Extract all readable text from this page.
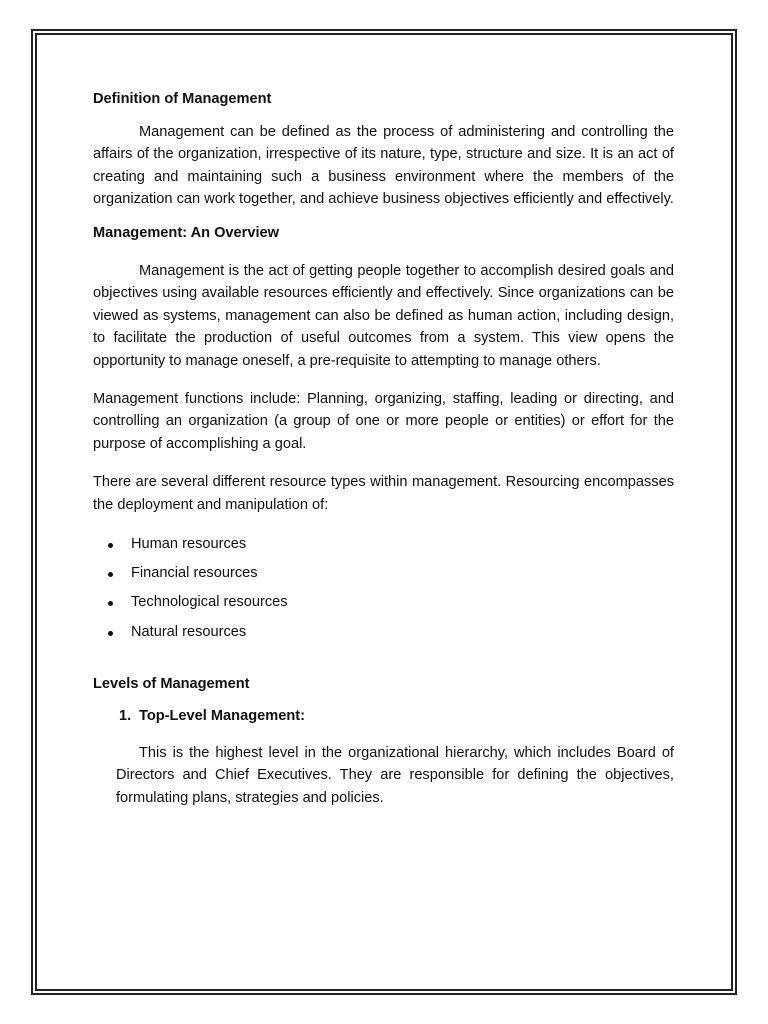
Definition of Management

Management can be defined as the process of administering and controlling the affairs of the organization, irrespective of its nature, type, structure and size. It is an act of creating and maintaining such a business environment where the members of the organization can work together, and achieve business objectives efficiently and effectively.

Management: An Overview

Management is the act of getting people together to accomplish desired goals and objectives using available resources efficiently and effectively. Since organizations can be viewed as systems, management can also be defined as human action, including design, to facilitate the production of useful outcomes from a system. This view opens the opportunity to manage oneself, a pre-requisite to attempting to manage others.

Management functions include: Planning, organizing, staffing, leading or directing, and controlling an organization (a group of one or more people or entities) or effort for the purpose of accomplishing a goal.

There are several different resource types within management. Resourcing encompasses the deployment and manipulation of:

Human resources
Financial resources
Technological resources
Natural resources

Levels of Management

1. Top-Level Management:

This is the highest level in the organizational hierarchy, which includes Board of Directors and Chief Executives. They are responsible for defining the objectives, formulating plans, strategies and policies.
